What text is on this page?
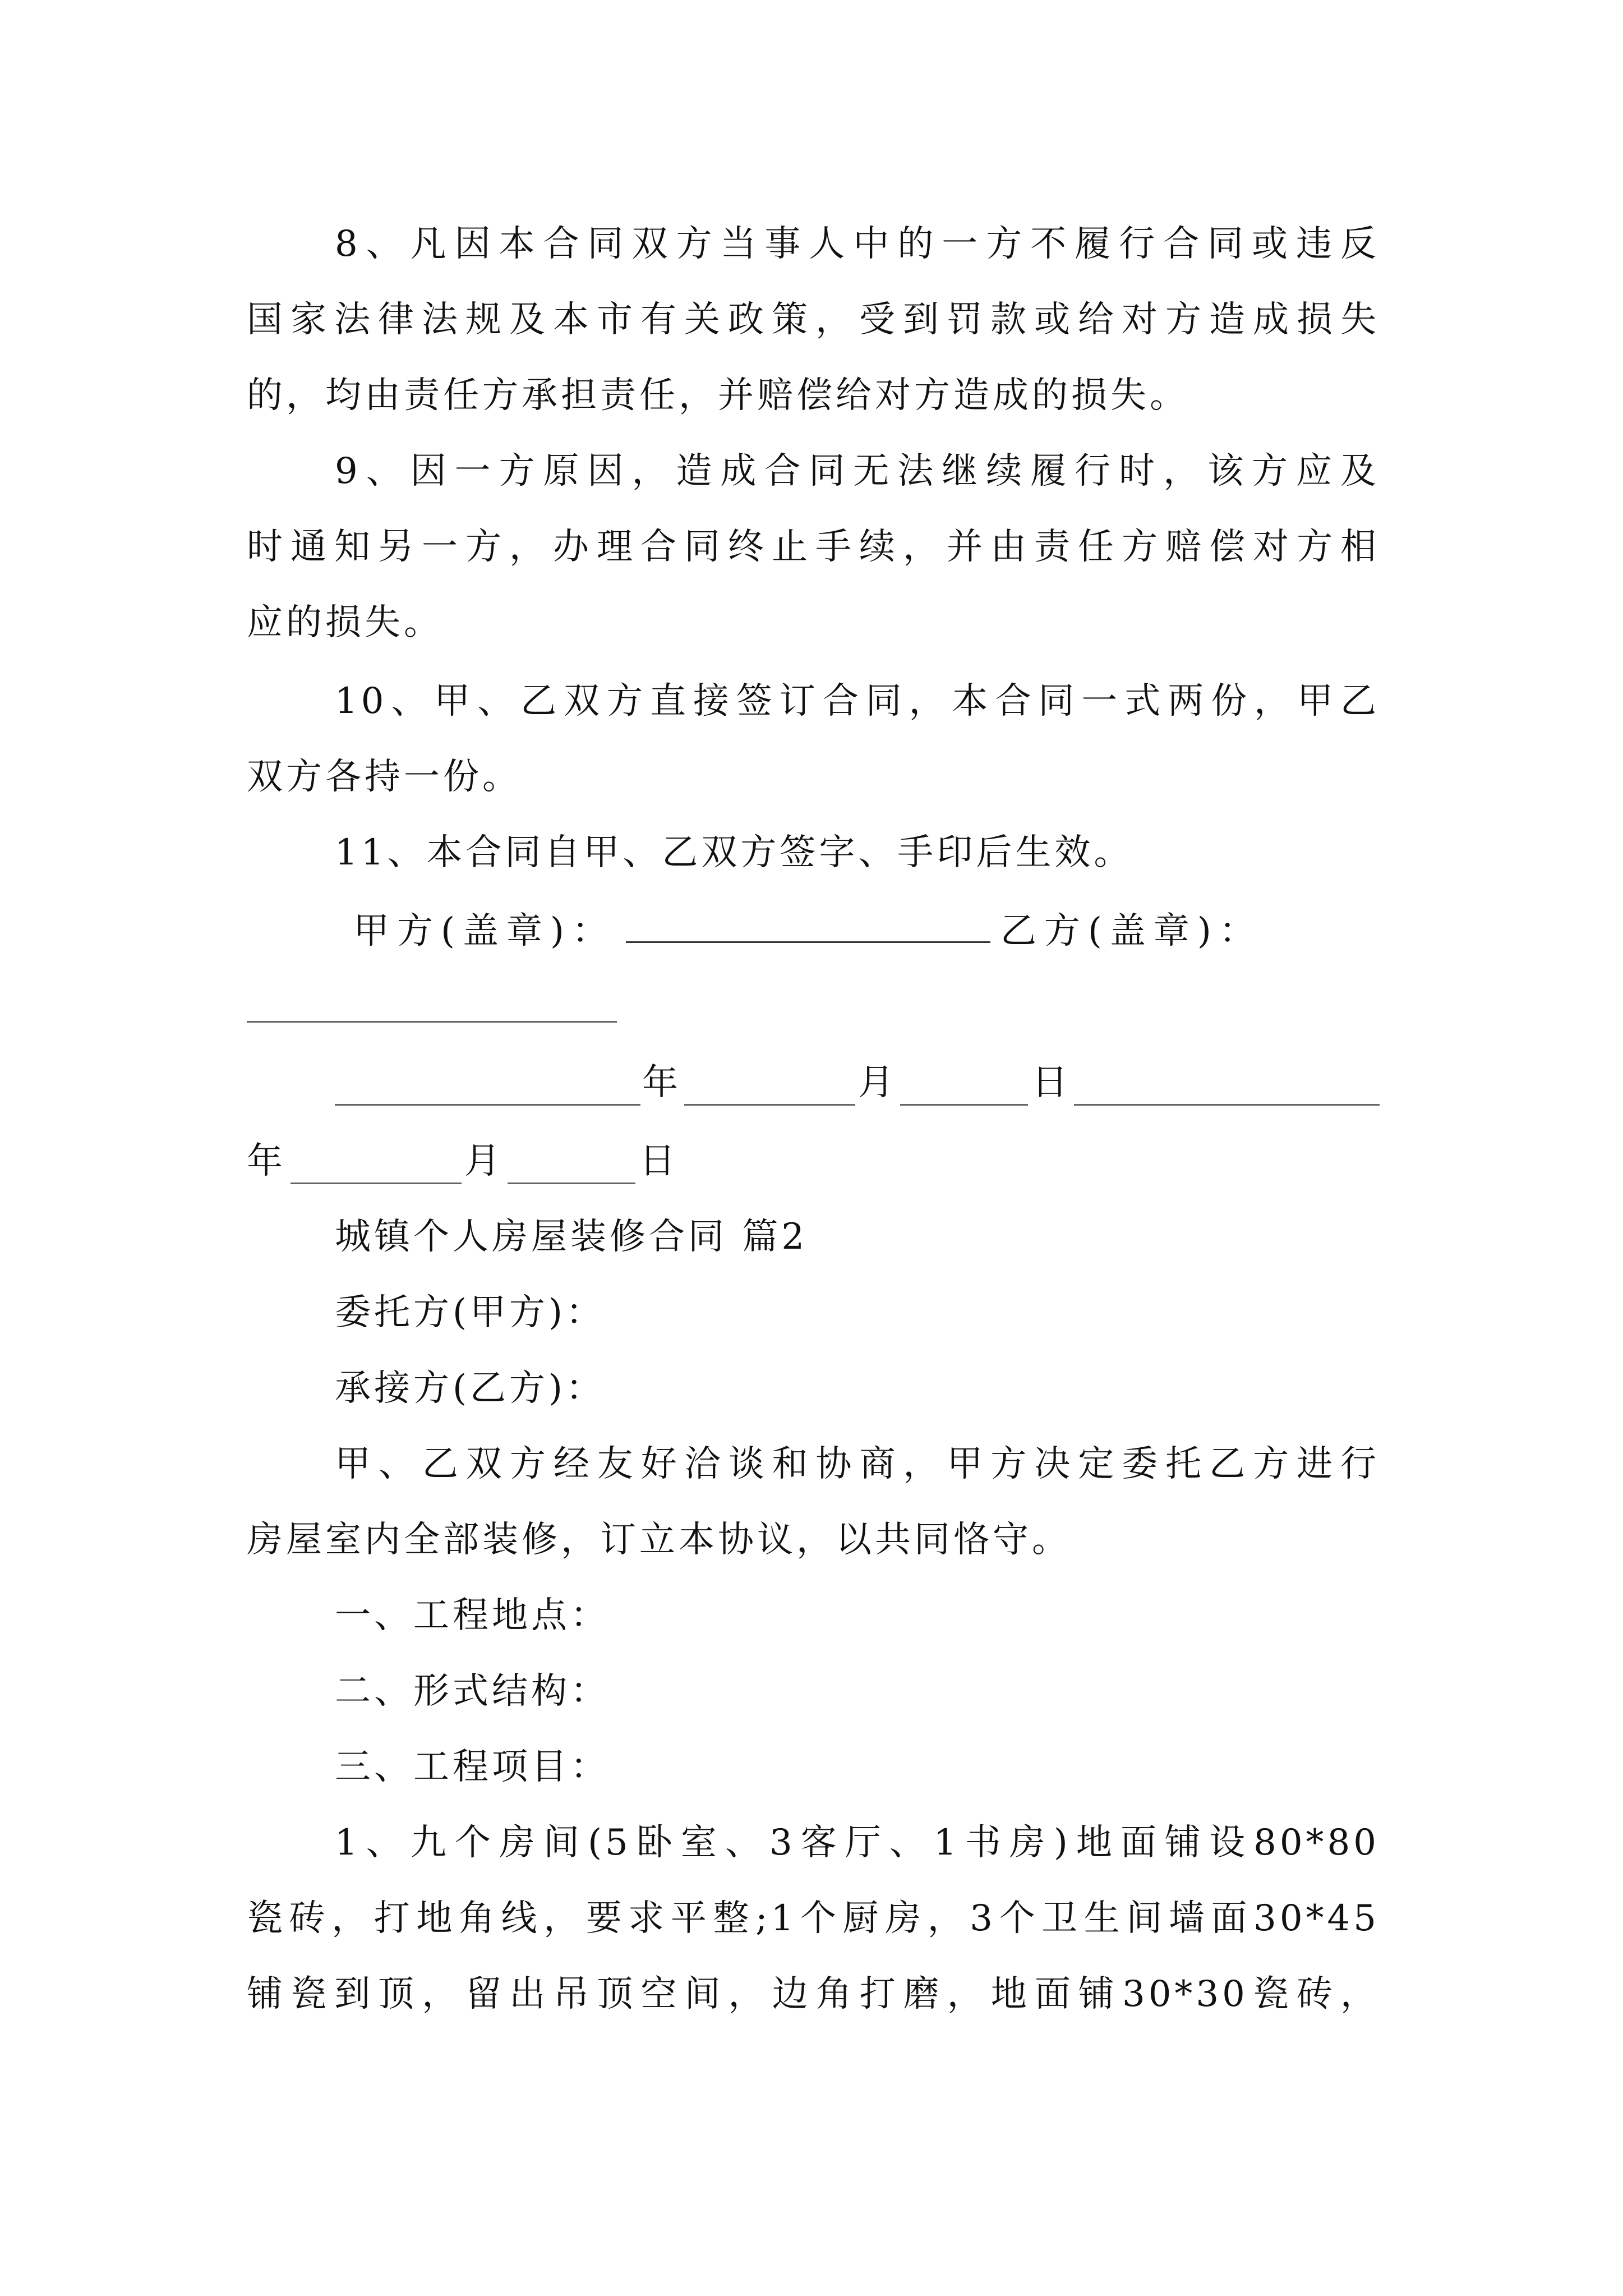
8、凡因本合同双方当事人中的一方不履行合同或违反
国家法律法规及本市有关政策，受到罚款或给对方造成损失
的，均由责任方承担责任，并赔偿给对方造成的损失。
9、因一方原因，造成合同无法继续履行时，该方应及
时通知另一方，办理合同终止手续，并由责任方赔偿对方相
应的损失。
10、甲、乙双方直接签订合同，本合同一式两份，甲乙
双方各持一份。
11、本合同自甲、乙双方签字、手印后生效。
甲方(盖章)：	乙方(盖章)：
年	月	日
年	月	日
城镇个人房屋装修合同 篇2
委托方(甲方)：
承接方(乙方)：
甲、乙双方经友好洽谈和协商，甲方决定委托乙方进行
房屋室内全部装修，订立本协议，以共同恪守。
一、工程地点：
二、形式结构：
三、工程项目：
1、九个房间(5卧室、3客厅、1书房)地面铺设80*80
瓷砖，打地角线，要求平整;1个厨房，3个卫生间墙面30*45
铺瓷到顶，留出吊顶空间，边角打磨，地面铺30*30瓷砖，
